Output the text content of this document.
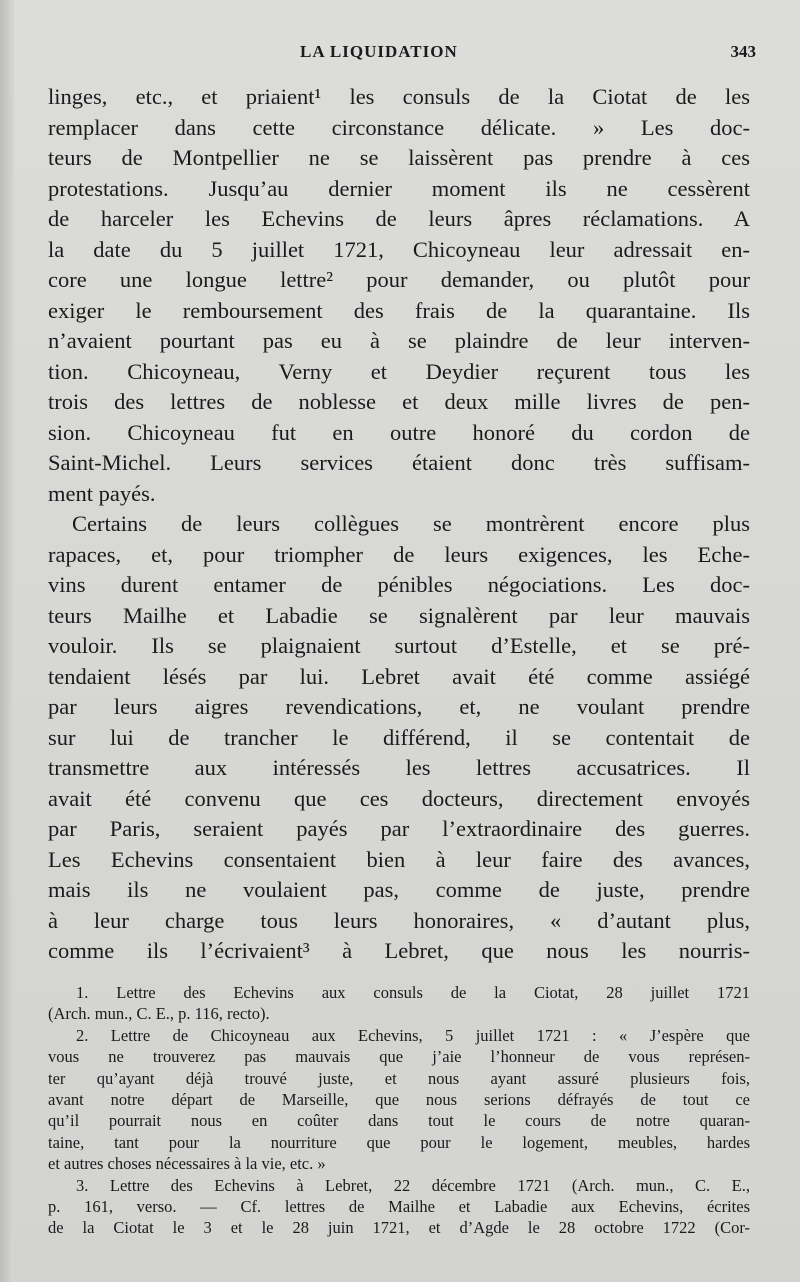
LA LIQUIDATION	343
linges, etc., et priaient¹ les consuls de la Ciotat de les
remplacer dans cette circonstance délicate. » Les doc-
teurs de Montpellier ne se laissèrent pas prendre à ces
protestations. Jusqu’au dernier moment ils ne cessèrent
de harceler les Echevins de leurs âpres réclamations. A
la date du 5 juillet 1721, Chicoyneau leur adressait en-
core une longue lettre² pour demander, ou plutôt pour
exiger le remboursement des frais de la quarantaine. Ils
n’avaient pourtant pas eu à se plaindre de leur interven-
tion. Chicoyneau, Verny et Deydier reçurent tous les
trois des lettres de noblesse et deux mille livres de pen-
sion. Chicoyneau fut en outre honoré du cordon de
Saint-Michel. Leurs services étaient donc très suffisam-
ment payés.
Certains de leurs collègues se montrèrent encore plus
rapaces, et, pour triompher de leurs exigences, les Eche-
vins durent entamer de pénibles négociations. Les doc-
teurs Mailhe et Labadie se signalèrent par leur mauvais
vouloir. Ils se plaignaient surtout d’Estelle, et se pré-
tendaient lésés par lui. Lebret avait été comme assiégé
par leurs aigres revendications, et, ne voulant prendre
sur lui de trancher le différend, il se contentait de
transmettre aux intéressés les lettres accusatrices. Il
avait été convenu que ces docteurs, directement envoyés
par Paris, seraient payés par l’extraordinaire des guerres.
Les Echevins consentaient bien à leur faire des avances,
mais ils ne voulaient pas, comme de juste, prendre
à leur charge tous leurs honoraires, « d’autant plus,
comme ils l’écrivaient³ à Lebret, que nous les nourris-
1. Lettre des Echevins aux consuls de la Ciotat, 28 juillet 1721
(Arch. mun., C. E., p. 116, recto).
2. Lettre de Chicoyneau aux Echevins, 5 juillet 1721 : « J’espère que
vous ne trouverez pas mauvais que j’aie l’honneur de vous représen-
ter qu’ayant déjà trouvé juste, et nous ayant assuré plusieurs fois,
avant notre départ de Marseille, que nous serions défrayés de tout ce
qu’il pourrait nous en coûter dans tout le cours de notre quaran-
taine, tant pour la nourriture que pour le logement, meubles, hardes
et autres choses nécessaires à la vie, etc. »
3. Lettre des Echevins à Lebret, 22 décembre 1721 (Arch. mun., C. E.,
p. 161, verso. — Cf. lettres de Mailhe et Labadie aux Echevins, écrites
de la Ciotat le 3 et le 28 juin 1721, et d’Agde le 28 octobre 1722 (Cor-
